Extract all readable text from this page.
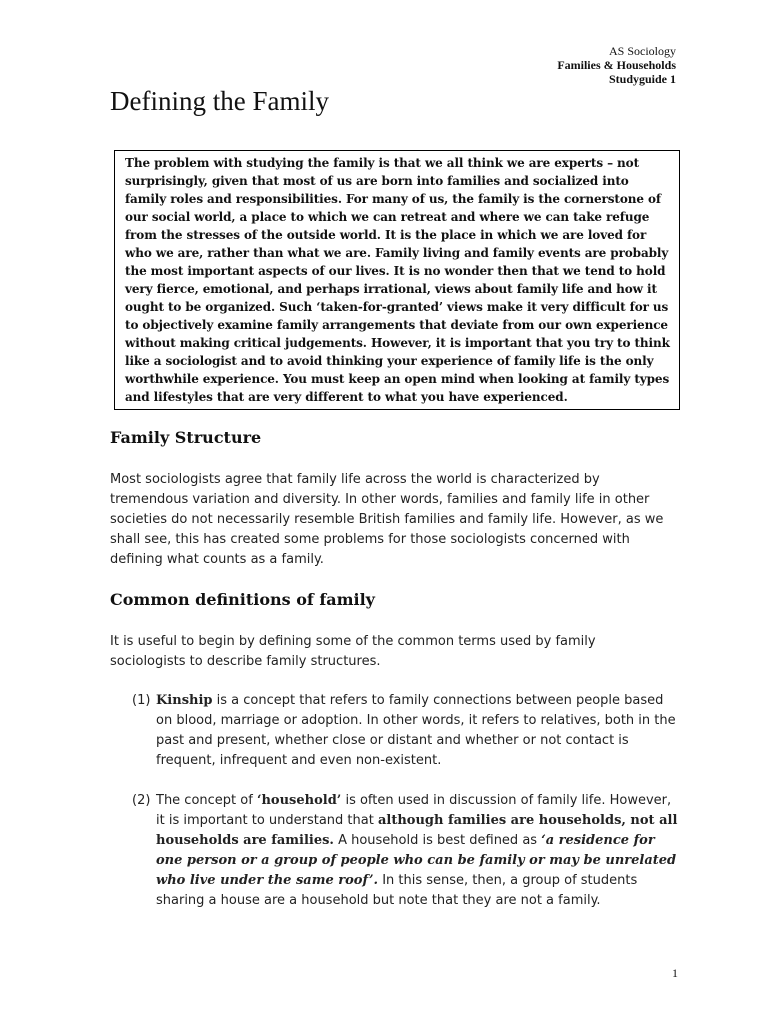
AS Sociology
Families & Households
Studyguide 1
Defining the Family
The problem with studying the family is that we all think we are experts – not surprisingly, given that most of us are born into families and socialized into family roles and responsibilities. For many of us, the family is the cornerstone of our social world, a place to which we can retreat and where we can take refuge from the stresses of the outside world. It is the place in which we are loved for who we are, rather than what we are. Family living and family events are probably the most important aspects of our lives. It is no wonder then that we tend to hold very fierce, emotional, and perhaps irrational, views about family life and how it ought to be organized. Such ‘taken-for-granted’ views make it very difficult for us to objectively examine family arrangements that deviate from our own experience without making critical judgements. However, it is important that you try to think like a sociologist and to avoid thinking your experience of family life is the only worthwhile experience. You must keep an open mind when looking at family types and lifestyles that are very different to what you have experienced.
Family Structure

Most sociologists agree that family life across the world is characterized by tremendous variation and diversity. In other words, families and family life in other societies do not necessarily resemble British families and family life. However, as we shall see, this has created some problems for those sociologists concerned with defining what counts as a family.

Common definitions of family

It is useful to begin by defining some of the common terms used by family sociologists to describe family structures.

(1) Kinship is a concept that refers to family connections between people based on blood, marriage or adoption. In other words, it refers to relatives, both in the past and present, whether close or distant and whether or not contact is frequent, infrequent and even non-existent.
(2) The concept of ‘household’ is often used in discussion of family life. However, it is important to understand that although families are households, not all households are families. A household is best defined as ‘a residence for one person or a group of people who can be family or may be unrelated who live under the same roof’. In this sense, then, a group of students sharing a house are a household but note that they are not a family.
1
